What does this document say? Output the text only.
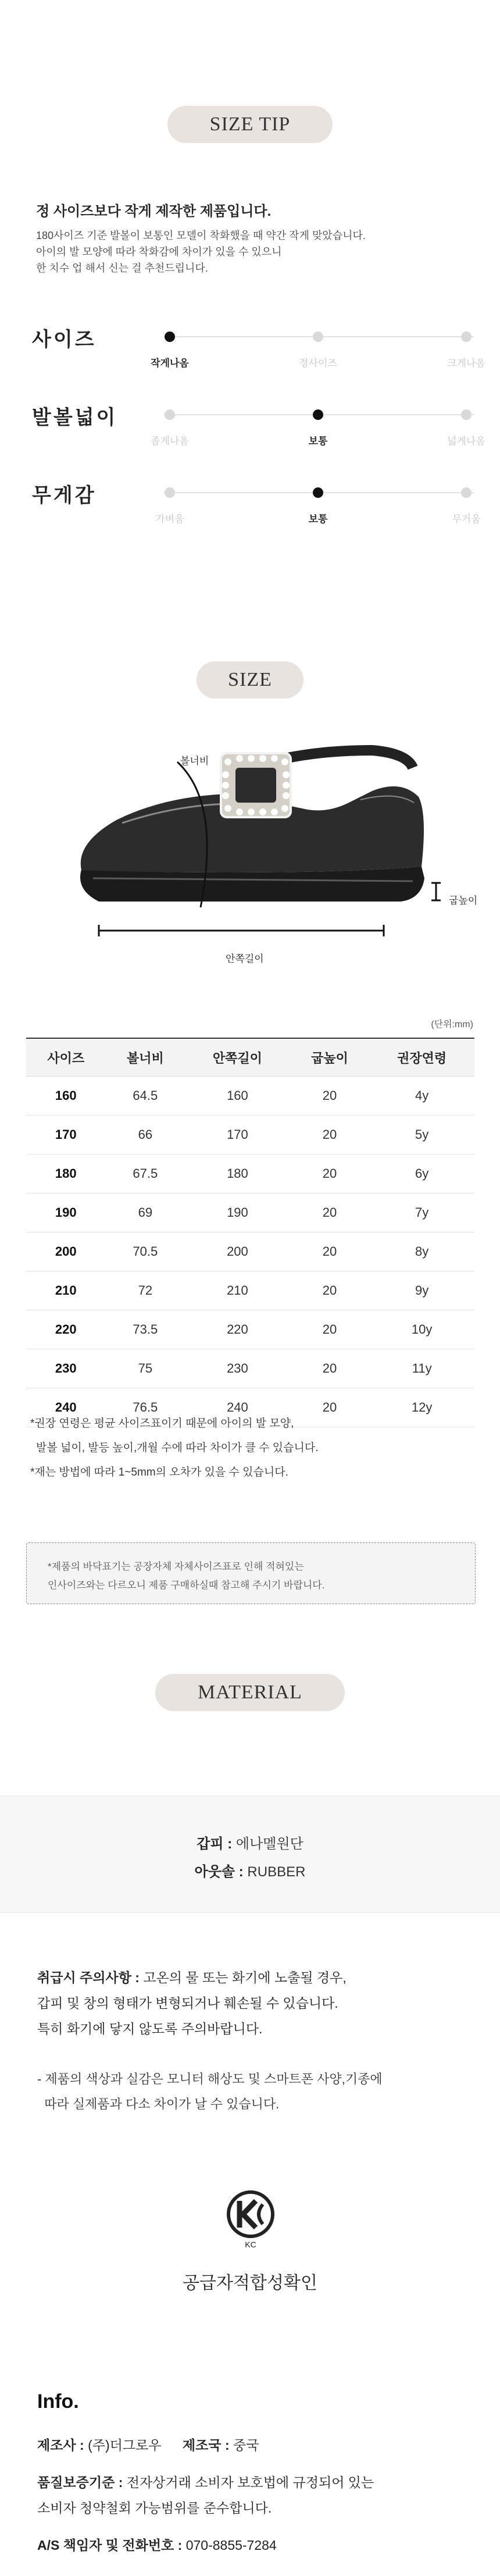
SIZE TIP
정 사이즈보다 작게 제작한 제품입니다.
180사이즈 기준 발볼이 보통인 모델이 착화했을 때 약간 작게 맞았습니다.
아이의 발 모양에 따라 착화감에 차이가 있을 수 있으니
한 치수 업 해서 신는 걸 추천드립니다.
사이즈
작게나옴	정사이즈	크게나옴
발볼넓이
좁게나옴	보통	넓게나옴
무게감
가벼움	보통	무거움
SIZE
볼너비
굽높이
안쪽길이
(단위:mm)
사이즈	볼너비	안쪽길이	굽높이	권장연령
160	64.5	160	20	4y
170	66	170	20	5y
180	67.5	180	20	6y
190	69	190	20	7y
200	70.5	200	20	8y
210	72	210	20	9y
220	73.5	220	20	10y
230	75	230	20	11y
240	76.5	240	20	12y
*권장 연령은 평균 사이즈표이기 때문에 아이의 발 모양,
발볼 넓이, 발등 높이,개월 수에 따라 차이가 클 수 있습니다.
*재는 방법에 따라 1~5mm의 오차가 있을 수 있습니다.
*제품의 바닥표기는 공장자체 자체사이즈표로 인해 적혀있는
인사이즈와는 다르오니 제품 구매하실때 참고해 주시기 바랍니다.
MATERIAL
갑피 : 에나멜원단
아웃솔 : RUBBER
취급시 주의사항 : 고온의 물 또는 화기에 노출될 경우,
갑피 및 창의 형태가 변형되거나 훼손될 수 있습니다.
특히 화기에 닿지 않도록 주의바랍니다.
- 제품의 색상과 실감은 모니터 해상도 및 스마트폰 사양,기종에
따라 실제품과 다소 차이가 날 수 있습니다.
KC
공급자적합성확인
Info.
제조사 : (주)더그로우 제조국 : 중국
품질보증기준 : 전자상거래 소비자 보호법에 규정되어 있는
소비자 청약철회 가능범위를 준수합니다.
A/S 책임자 및 전화번호 : 070-8855-7284
